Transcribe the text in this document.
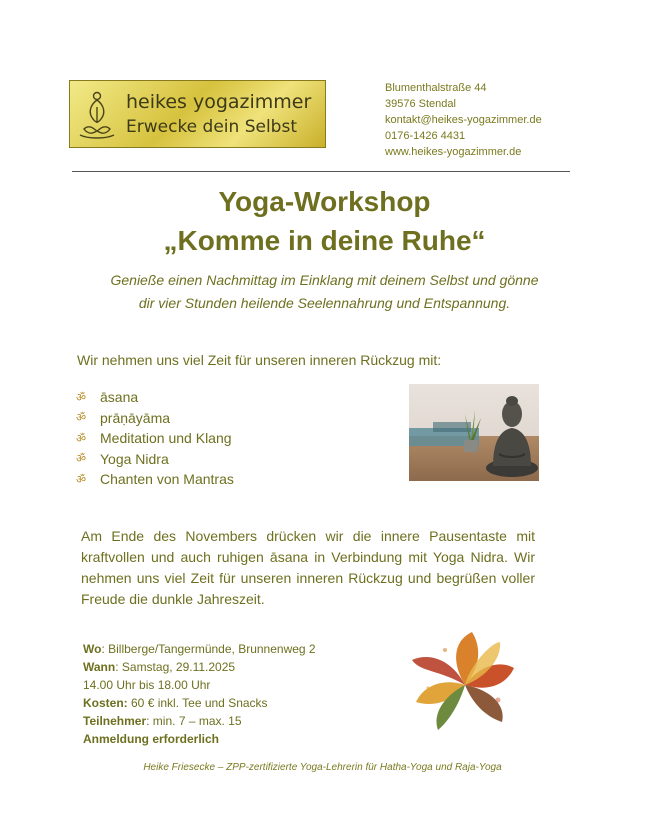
heikes yogazimmer
Erwecke dein Selbst
Blumenthalstraße 44
39576 Stendal
kontakt@heikes-yogazimmer.de
0176-1426 4431
www.heikes-yogazimmer.de
Yoga-Workshop
„Komme in deine Ruhe“
Genieße einen Nachmittag im Einklang mit deinem Selbst und gönne
dir vier Stunden heilende Seelennahrung und Entspannung.
Wir nehmen uns viel Zeit für unseren inneren Rückzug mit:
ॐ āsana
ॐ prāṇāyāma
ॐ Meditation und Klang
ॐ Yoga Nidra
ॐ Chanten von Mantras
Am Ende des Novembers drücken wir die innere Pausentaste mit kraftvollen und auch ruhigen āsana in Verbindung mit Yoga Nidra. Wir nehmen uns viel Zeit für unseren inneren Rückzug und begrüßen voller Freude die dunkle Jahreszeit.
Wo: Billberge/Tangermünde, Brunnenweg 2
Wann: Samstag, 29.11.2025
14.00 Uhr bis 18.00 Uhr
Kosten: 60 € inkl. Tee und Snacks
Teilnehmer: min. 7 – max. 15
Anmeldung erforderlich
Heike Friesecke – ZPP-zertifizierte Yoga-Lehrerin für Hatha-Yoga und Raja-Yoga
